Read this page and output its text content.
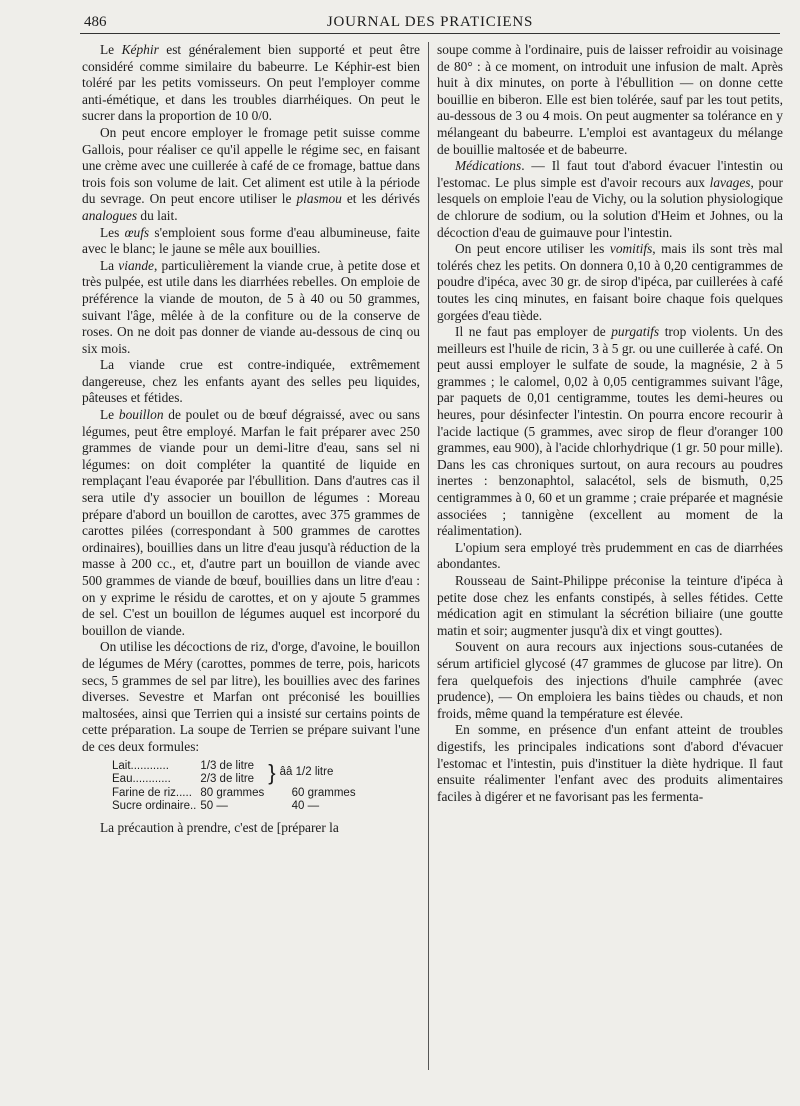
486	JOURNAL DES PRATICIENS

Le Képhir est généralement bien supporté et peut être considéré comme similaire du babeurre. Le Képhir-est bien toléré par les petits vomisseurs. On peut l'employer comme anti-émétique, et dans les troubles diarrhéiques. On peut le sucrer dans la proportion de 10 0/0.

On peut encore employer le fromage petit suisse comme Gallois, pour réaliser ce qu'il appelle le régime sec, en faisant une crème avec une cuillerée à café de ce fromage, battue dans trois fois son volume de lait. Cet aliment est utile à la période du sevrage. On peut encore utiliser le plasmou et les dérivés analogues du lait.

Les œufs s'emploient sous forme d'eau albumineuse, faite avec le blanc; le jaune se mêle aux bouillies.

La viande, particulièrement la viande crue, à petite dose et très pulpée, est utile dans les diarrhées rebelles. On emploie de préférence la viande de mouton, de 5 à 40 ou 50 grammes, suivant l'âge, mêlée à de la confiture ou de la conserve de roses. On ne doit pas donner de viande au-dessous de cinq ou six mois.

La viande crue est contre-indiquée, extrêmement dangereuse, chez les enfants ayant des selles peu liquides, pâteuses et fétides.

Le bouillon de poulet ou de bœuf dégraissé, avec ou sans légumes, peut être employé. Marfan le fait préparer avec 250 grammes de viande pour un demi-litre d'eau, sans sel ni légumes: on doit compléter la quantité de liquide en remplaçant l'eau évaporée par l'ébullition. Dans d'autres cas il sera utile d'y associer un bouillon de légumes : Moreau prépare d'abord un bouillon de carottes, avec 375 grammes de carottes pilées (correspondant à 500 grammes de carottes ordinaires), bouillies dans un litre d'eau jusqu'à réduction de la masse à 200 cc., et, d'autre part un bouillon de viande avec 500 grammes de viande de bœuf, bouillies dans un litre d'eau : on y exprime le résidu de carottes, et on y ajoute 5 grammes de sel. C'est un bouillon de légumes auquel est incorporé du bouillon de viande.

On utilise les décoctions de riz, d'orge, d'avoine, le bouillon de légumes de Méry (carottes, pommes de terre, pois, haricots secs, 5 grammes de sel par litre), les bouillies avec des farines diverses. Sevestre et Marfan ont préconisé les bouillies maltosées, ainsi que Terrien qui a insisté sur certains points de cette préparation. La soupe de Terrien se prépare suivant l'une de ces deux formules:

Lait............	1/3 de litre	}	ââ 1/2 litre
Eau............	2/3 de litre		
Farine de riz.....	80 grammes		60 grammes
Sucre ordinaire..	50 —		40 —

La précaution à prendre, c'est de [préparer la

soupe comme à l'ordinaire, puis de laisser refroidir au voisinage de 80° : à ce moment, on introduit une infusion de malt. Après huit à dix minutes, on porte à l'ébullition — on donne cette bouillie en biberon. Elle est bien tolérée, sauf par les tout petits, au-dessous de 3 ou 4 mois. On peut augmenter sa tolérance en y mélangeant du babeurre. L'emploi est avantageux du mélange de bouillie maltosée et de babeurre.

Médications. — Il faut tout d'abord évacuer l'intestin ou l'estomac. Le plus simple est d'avoir recours aux lavages, pour lesquels on emploie l'eau de Vichy, ou la solution physiologique de chlorure de sodium, ou la solution d'Heim et Johnes, ou la décoction d'eau de guimauve pour l'intestin.

On peut encore utiliser les vomitifs, mais ils sont très mal tolérés chez les petits. On donnera 0,10 à 0,20 centigrammes de poudre d'ipéca, avec 30 gr. de sirop d'ipéca, par cuillerées à café toutes les cinq minutes, en faisant boire chaque fois quelques gorgées d'eau tiède.

Il ne faut pas employer de purgatifs trop violents. Un des meilleurs est l'huile de ricin, 3 à 5 gr. ou une cuillerée à café. On peut aussi employer le sulfate de soude, la magnésie, 2 à 5 grammes ; le calomel, 0,02 à 0,05 centigrammes suivant l'âge, par paquets de 0,01 centigramme, toutes les demi-heures ou heures, pour désinfecter l'intestin. On pourra encore recourir à l'acide lactique (5 grammes, avec sirop de fleur d'oranger 100 grammes, eau 900), à l'acide chlorhydrique (1 gr. 50 pour mille). Dans les cas chroniques surtout, on aura recours au poudres inertes : benzonaphtol, salacétol, sels de bismuth, 0,25 centigrammes à 0, 60 et un gramme ; craie préparée et magnésie associées ; tannigène (excellent au moment de la réalimentation).

L'opium sera employé très prudemment en cas de diarrhées abondantes.

Rousseau de Saint-Philippe préconise la teinture d'ipéca à petite dose chez les enfants constipés, à selles fétides. Cette médication agit en stimulant la sécrétion biliaire (une goutte matin et soir; augmenter jusqu'à dix et vingt gouttes).

Souvent on aura recours aux injections sous-cutanées de sérum artificiel glycosé (47 grammes de glucose par litre). On fera quelquefois des injections d'huile camphrée (avec prudence), — On emploiera les bains tièdes ou chauds, et non froids, même quand la température est élevée.

En somme, en présence d'un enfant atteint de troubles digestifs, les principales indications sont d'abord d'évacuer l'estomac et l'intestin, puis d'instituer la diète hydrique. Il faut ensuite réalimenter l'enfant avec des produits alimentaires faciles à digérer et ne favorisant pas les fermenta-
